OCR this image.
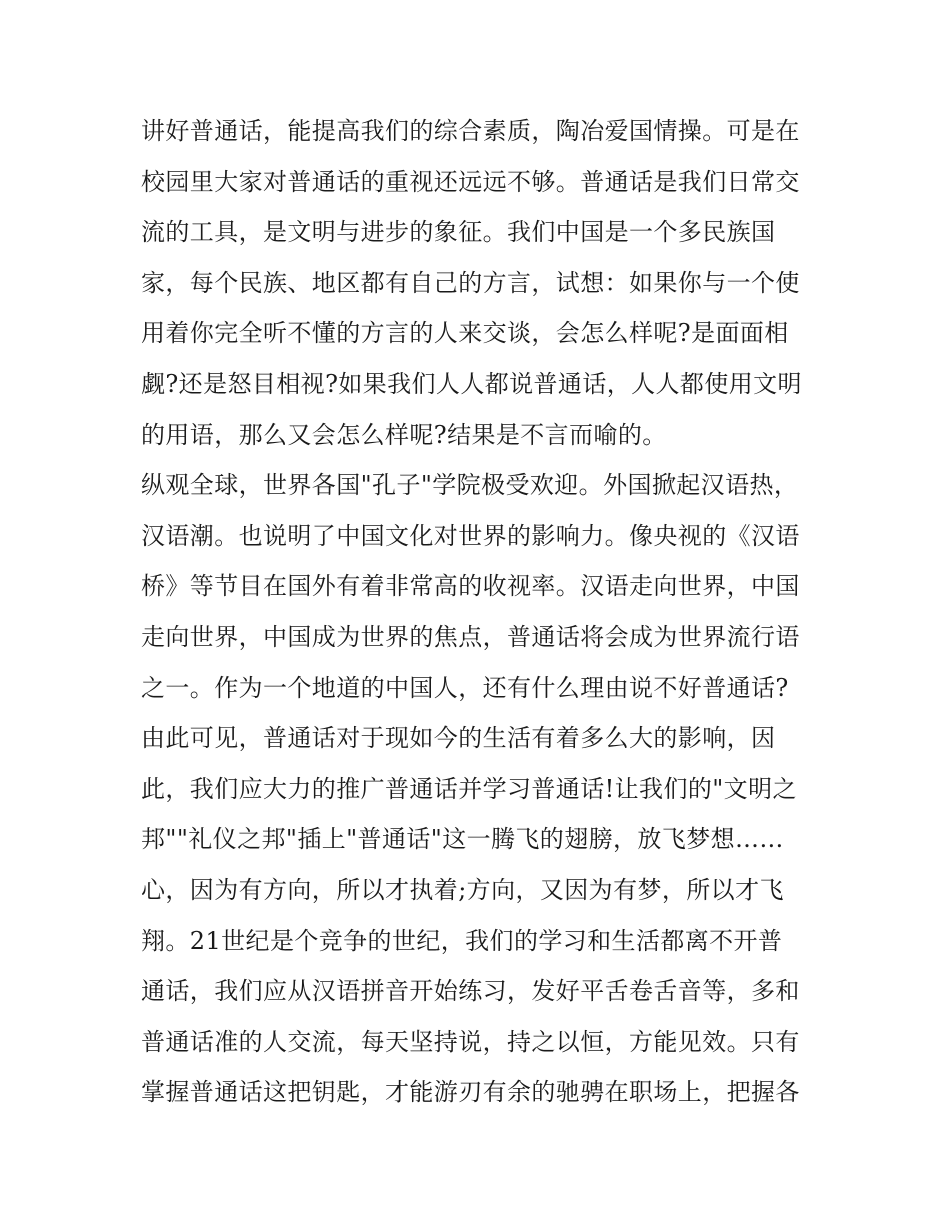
讲好普通话，能提高我们的综合素质，陶冶爱国情操。可是在
校园里大家对普通话的重视还远远不够。普通话是我们日常交
流的工具，是文明与进步的象征。我们中国是一个多民族国
家，每个民族、地区都有自己的方言，试想：如果你与一个使
用着你完全听不懂的方言的人来交谈，会怎么样呢?是面面相
觑?还是怒目相视?如果我们人人都说普通话，人人都使用文明
的用语，那么又会怎么样呢?结果是不言而喻的。
纵观全球，世界各国"孔子"学院极受欢迎。外国掀起汉语热，
汉语潮。也说明了中国文化对世界的影响力。像央视的《汉语
桥》等节目在国外有着非常高的收视率。汉语走向世界，中国
走向世界，中国成为世界的焦点，普通话将会成为世界流行语
之一。作为一个地道的中国人，还有什么理由说不好普通话?
由此可见，普通话对于现如今的生活有着多么大的影响，因
此，我们应大力的推广普通话并学习普通话!让我们的"文明之
邦""礼仪之邦"插上"普通话"这一腾飞的翅膀，放飞梦想……
心，因为有方向，所以才执着;方向，又因为有梦，所以才飞
翔。21世纪是个竞争的世纪，我们的学习和生活都离不开普
通话，我们应从汉语拼音开始练习，发好平舌卷舌音等，多和
普通话准的人交流，每天坚持说，持之以恒，方能见效。只有
掌握普通话这把钥匙，才能游刃有余的驰骋在职场上，把握各
